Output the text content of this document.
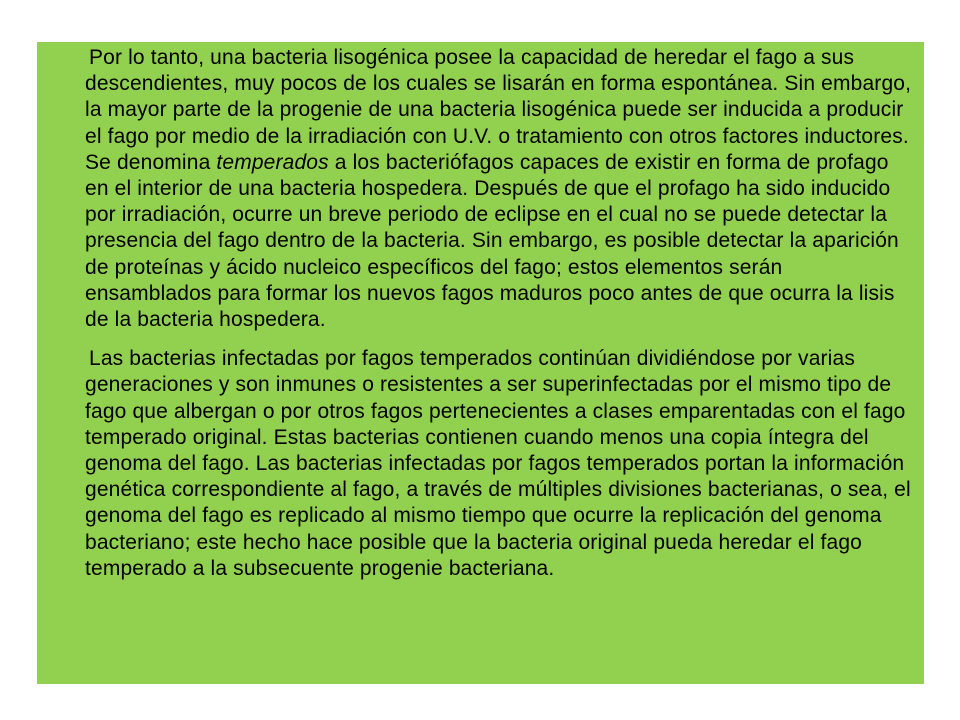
Por lo tanto, una bacteria lisogénica posee la capacidad de heredar el fago a sus descendientes, muy pocos de los cuales se lisarán en forma espontánea. Sin embargo, la mayor parte de la progenie de una bacteria lisogénica puede ser inducida a producir el fago por medio de la irradiación con U.V. o tratamiento con otros factores inductores. Se denomina temperados a los bacteriófagos capaces de existir en forma de profago en el interior de una bacteria hospedera. Después de que el profago ha sido inducido por irradiación, ocurre un breve periodo de eclipse en el cual no se puede detectar la presencia del fago dentro de la bacteria. Sin embargo, es posible detectar la aparición de proteínas y ácido nucleico específicos del fago; estos elementos serán ensamblados para formar los nuevos fagos maduros poco antes de que ocurra la lisis de la bacteria hospedera.

Las bacterias infectadas por fagos temperados continúan dividiéndose por varias generaciones y son inmunes o resistentes a ser superinfectadas por el mismo tipo de fago que albergan o por otros fagos pertenecientes a clases emparentadas con el fago temperado original. Estas bacterias contienen cuando menos una copia íntegra del genoma del fago. Las bacterias infectadas por fagos temperados portan la información genética correspondiente al fago, a través de múltiples divisiones bacterianas, o sea, el genoma del fago es replicado al mismo tiempo que ocurre la replicación del genoma bacteriano; este hecho hace posible que la bacteria original pueda heredar el fago temperado a la subsecuente progenie bacteriana.
